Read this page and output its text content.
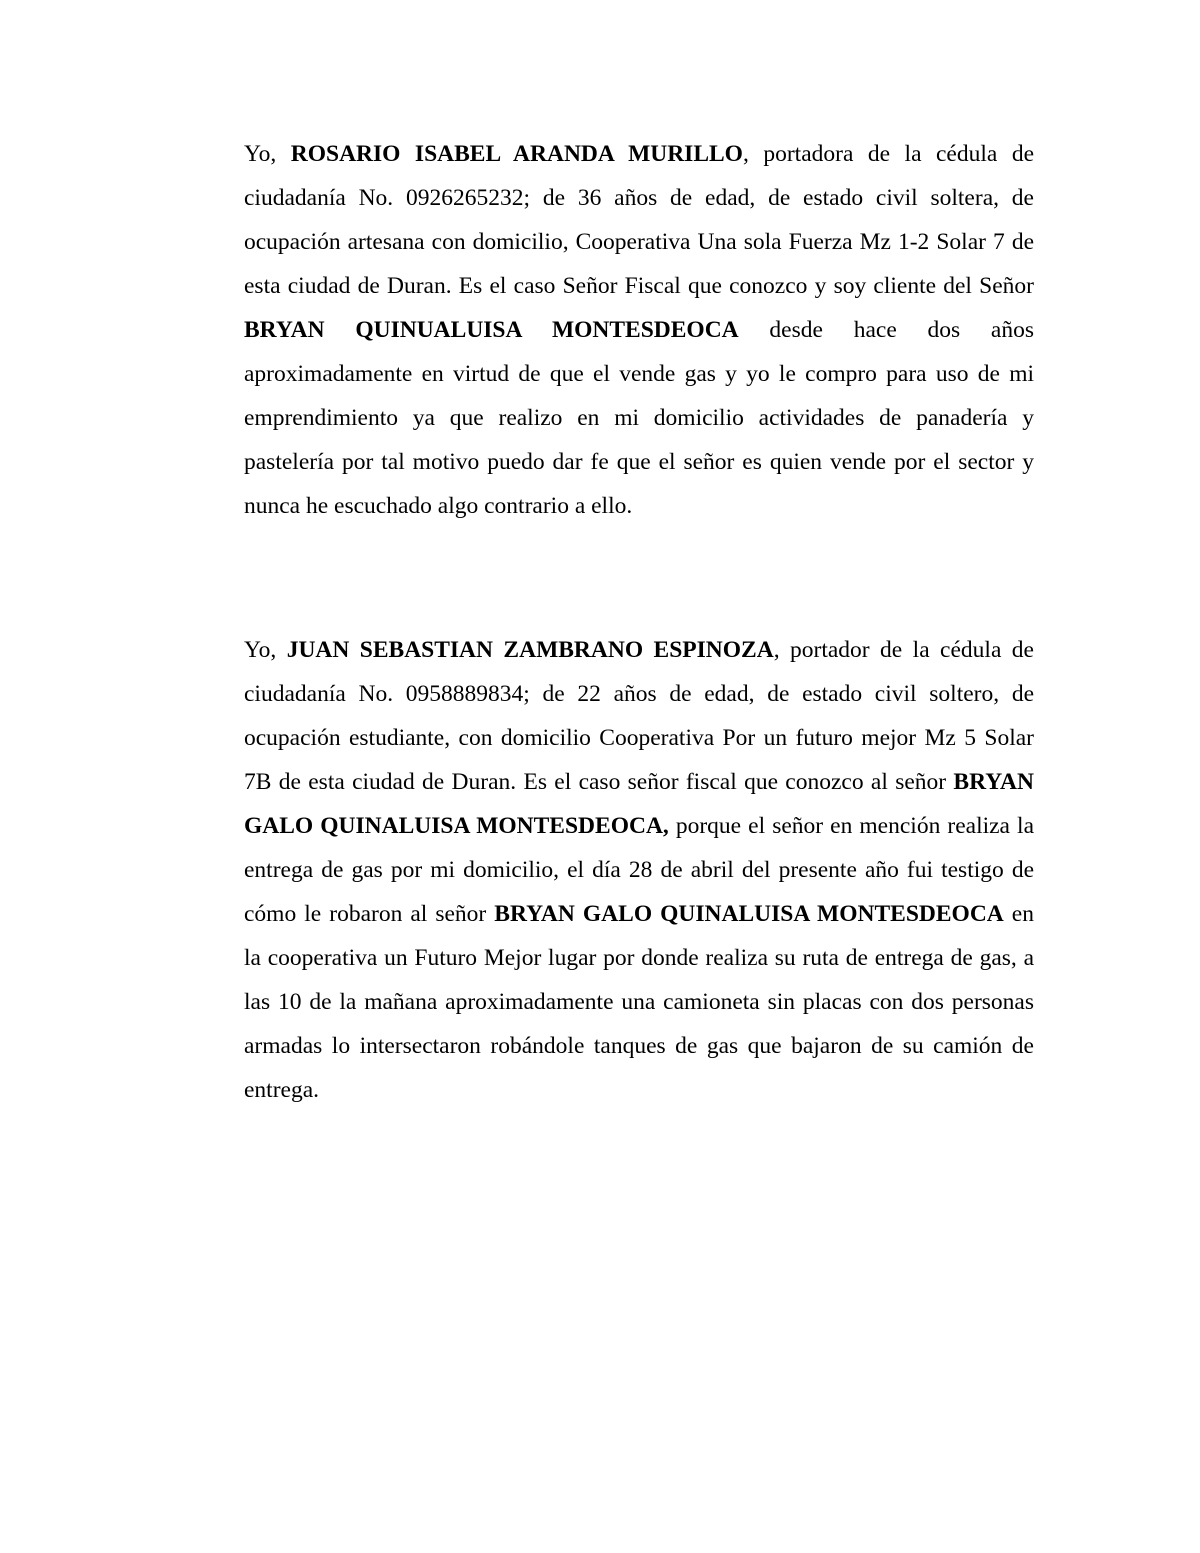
Yo, ROSARIO ISABEL ARANDA MURILLO, portadora de la cédula de ciudadanía No. 0926265232; de 36 años de edad, de estado civil soltera, de ocupación artesana con domicilio, Cooperativa Una sola Fuerza Mz 1-2 Solar 7 de esta ciudad de Duran. Es el caso Señor Fiscal que conozco y soy cliente del Señor BRYAN QUINUALUISA MONTESDEOCA desde hace dos años aproximadamente en virtud de que el vende gas y yo le compro para uso de mi emprendimiento ya que realizo en mi domicilio actividades de panadería y pastelería por tal motivo puedo dar fe que el señor es quien vende por el sector y nunca he escuchado algo contrario a ello.

Yo, JUAN SEBASTIAN ZAMBRANO ESPINOZA, portador de la cédula de ciudadanía No. 0958889834; de 22 años de edad, de estado civil soltero, de ocupación estudiante, con domicilio Cooperativa Por un futuro mejor Mz 5 Solar 7B de esta ciudad de Duran. Es el caso señor fiscal que conozco al señor BRYAN GALO QUINALUISA MONTESDEOCA, porque el señor en mención realiza la entrega de gas por mi domicilio, el día 28 de abril del presente año fui testigo de cómo le robaron al señor BRYAN GALO QUINALUISA MONTESDEOCA en la cooperativa un Futuro Mejor lugar por donde realiza su ruta de entrega de gas, a las 10 de la mañana aproximadamente una camioneta sin placas con dos personas armadas lo intersectaron robándole tanques de gas que bajaron de su camión de entrega.
